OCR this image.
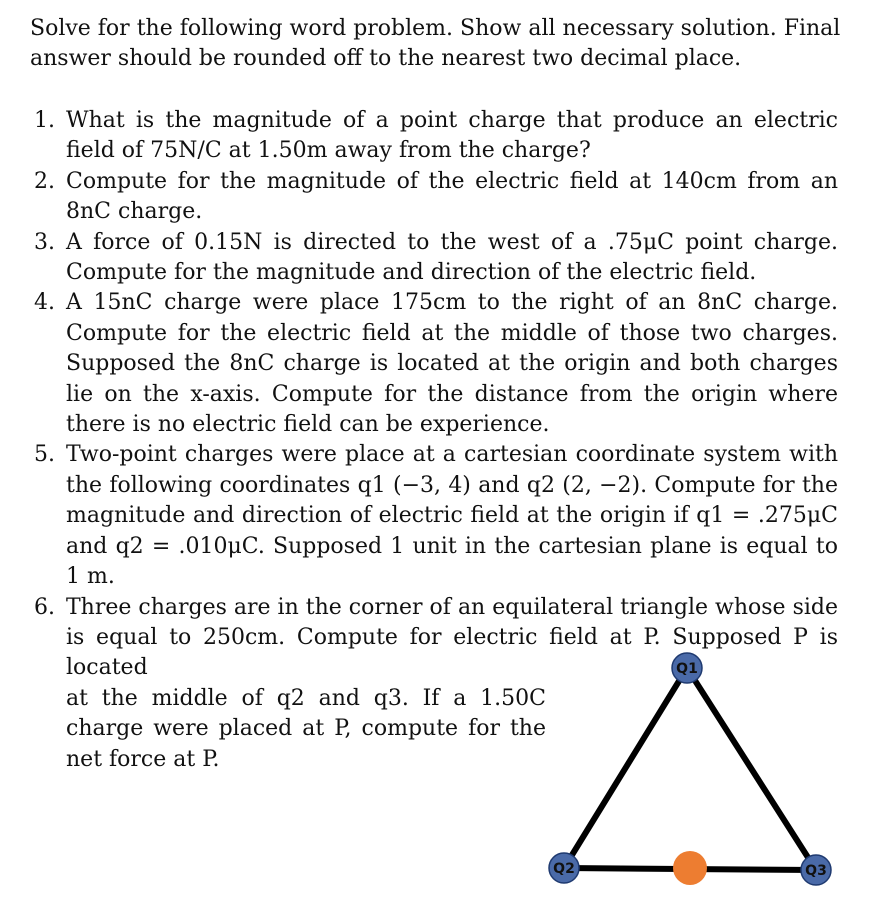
Solve for the following word problem. Show all necessary solution. Final answer should be rounded off to the nearest two decimal place.

1. What is the magnitude of a point charge that produce an electric field of 75N/C at 1.50m away from the charge?
2. Compute for the magnitude of the electric field at 140cm from an 8nC charge.
3. A force of 0.15N is directed to the west of a .75μC point charge. Compute for the magnitude and direction of the electric field.
4. A 15nC charge were place 175cm to the right of an 8nC charge. Compute for the electric field at the middle of those two charges. Supposed the 8nC charge is located at the origin and both charges lie on the x-axis. Compute for the distance from the origin where there is no electric field can be experience.
5. Two-point charges were place at a cartesian coordinate system with the following coordinates q1 (−3, 4) and q2 (2, −2). Compute for the magnitude and direction of electric field at the origin if q1 = .275μC and q2 = .010μC. Supposed 1 unit in the cartesian plane is equal to 1 m.
6. Three charges are in the corner of an equilateral triangle whose side is equal to 250cm. Compute for electric field at P. Supposed P is located
at the middle of q2 and q3. If a 1.50C charge were placed at P, compute for the net force at P.
Q1
Q2	Q3
